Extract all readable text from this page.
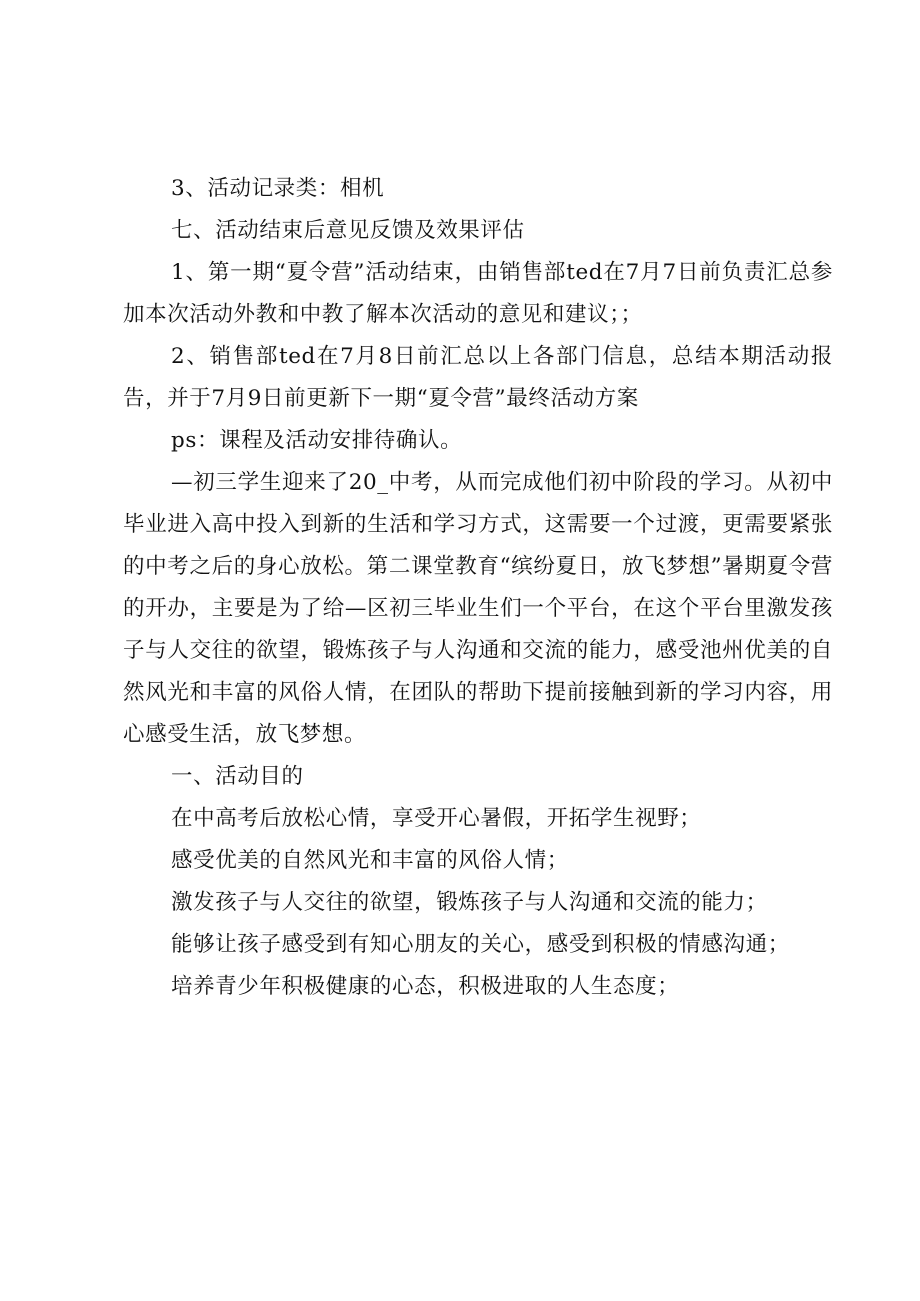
3、活动记录类：相机

七、活动结束后意见反馈及效果评估

1、第一期“夏令营”活动结束，由销售部ted在7月7日前负责汇总参加本次活动外教和中教了解本次活动的意见和建议；；

2、销售部ted在7月8日前汇总以上各部门信息，总结本期活动报告，并于7月9日前更新下一期“夏令营”最终活动方案

ps：课程及活动安排待确认。

—初三学生迎来了20_中考，从而完成他们初中阶段的学习。从初中毕业进入高中投入到新的生活和学习方式，这需要一个过渡，更需要紧张的中考之后的身心放松。第二课堂教育“缤纷夏日，放飞梦想”暑期夏令营的开办，主要是为了给—区初三毕业生们一个平台，在这个平台里激发孩子与人交往的欲望，锻炼孩子与人沟通和交流的能力，感受池州优美的自然风光和丰富的风俗人情，在团队的帮助下提前接触到新的学习内容，用心感受生活，放飞梦想。

一、活动目的

在中高考后放松心情，享受开心暑假，开拓学生视野；

感受优美的自然风光和丰富的风俗人情；

激发孩子与人交往的欲望，锻炼孩子与人沟通和交流的能力；

能够让孩子感受到有知心朋友的关心，感受到积极的情感沟通；

培养青少年积极健康的心态，积极进取的人生态度；
